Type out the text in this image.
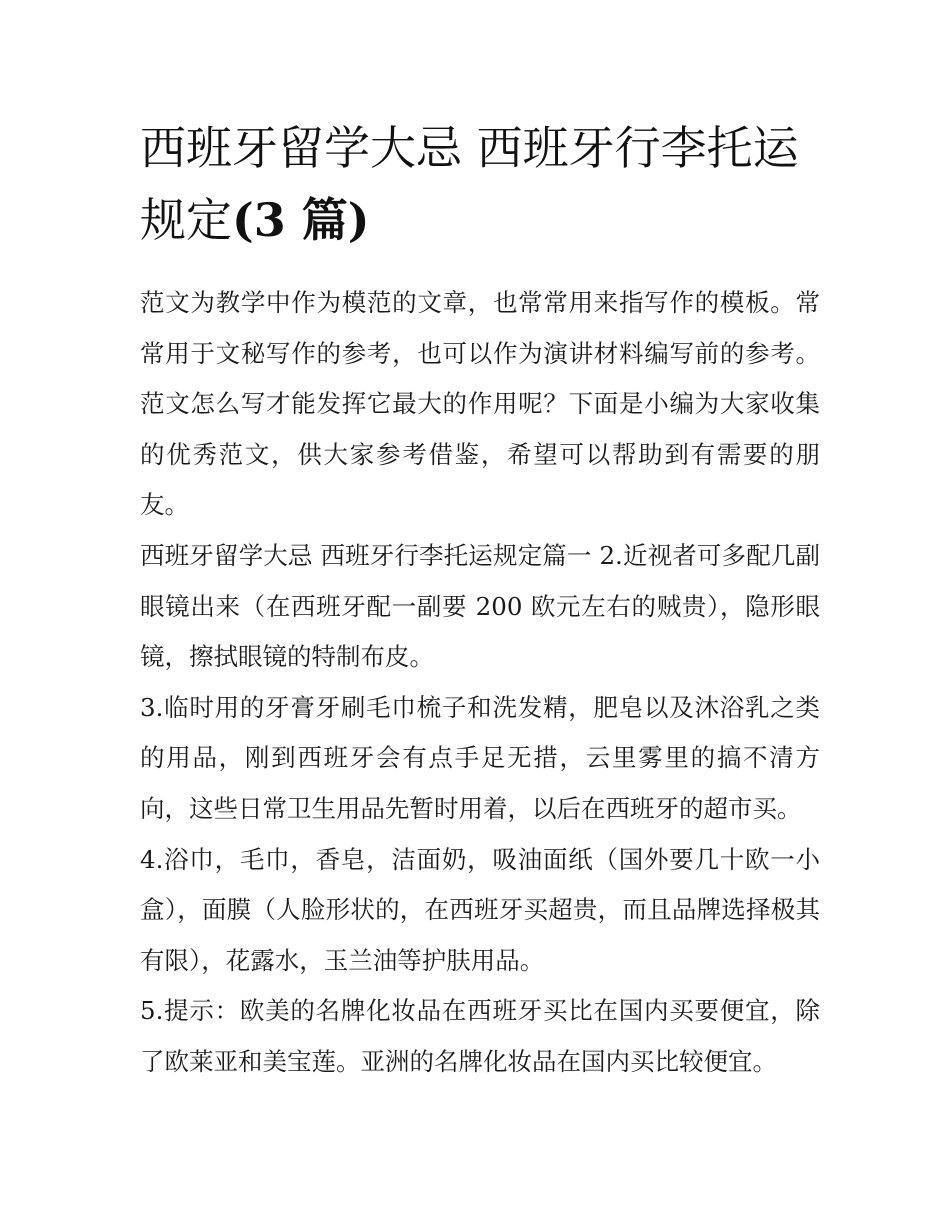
西班牙留学大忌 西班牙行李托运规定(3 篇)

范文为教学中作为模范的文章，也常常用来指写作的模板。常常用于文秘写作的参考，也可以作为演讲材料编写前的参考。范文怎么写才能发挥它最大的作用呢？下面是小编为大家收集的优秀范文，供大家参考借鉴，希望可以帮助到有需要的朋友。

西班牙留学大忌 西班牙行李托运规定篇一 2.近视者可多配几副眼镜出来（在西班牙配一副要 200 欧元左右的贼贵），隐形眼镜，擦拭眼镜的特制布皮。

3.临时用的牙膏牙刷毛巾梳子和洗发精，肥皂以及沐浴乳之类的用品，刚到西班牙会有点手足无措，云里雾里的搞不清方向，这些日常卫生用品先暂时用着，以后在西班牙的超市买。

4.浴巾，毛巾，香皂，洁面奶，吸油面纸（国外要几十欧一小盒），面膜（人脸形状的，在西班牙买超贵，而且品牌选择极其有限），花露水，玉兰油等护肤用品。

5.提示：欧美的名牌化妆品在西班牙买比在国内买要便宜，除了欧莱亚和美宝莲。亚洲的名牌化妆品在国内买比较便宜。
